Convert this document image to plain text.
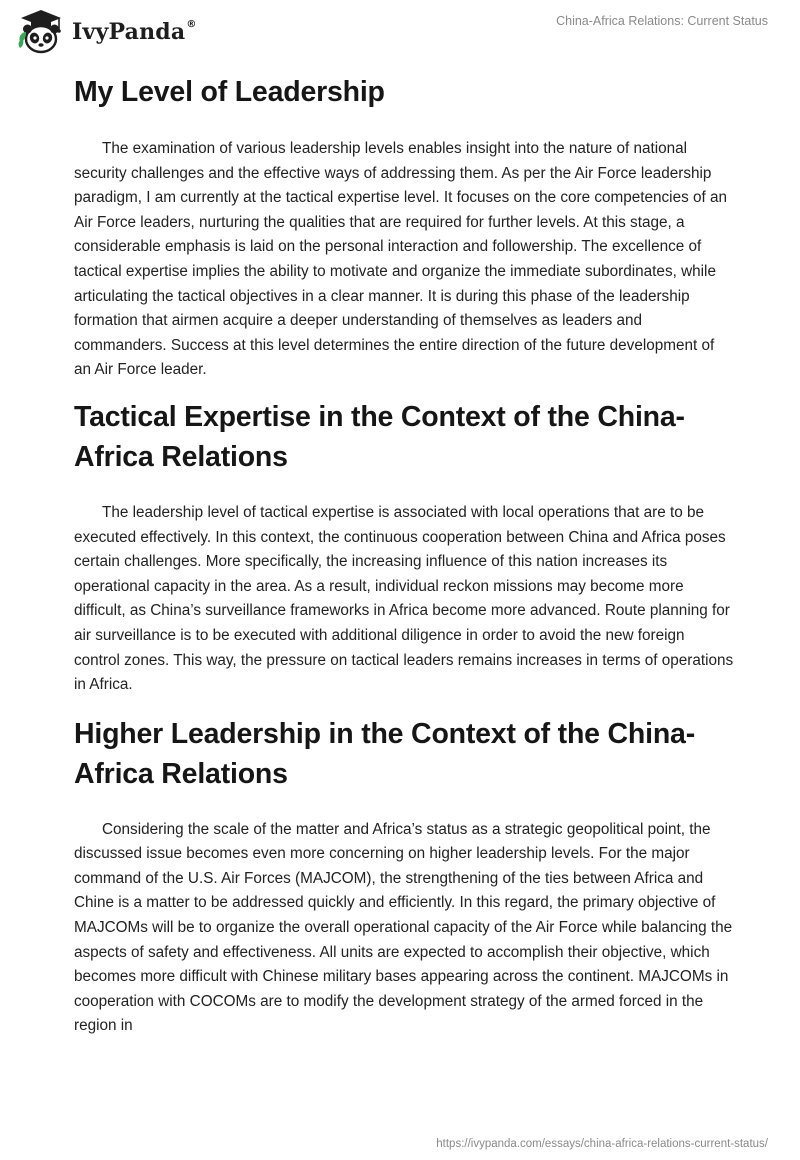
IvyPanda®	China-Africa Relations: Current Status
My Level of Leadership

The examination of various leadership levels enables insight into the nature of national security challenges and the effective ways of addressing them. As per the Air Force leadership paradigm, I am currently at the tactical expertise level. It focuses on the core competencies of an Air Force leaders, nurturing the qualities that are required for further levels. At this stage, a considerable emphasis is laid on the personal interaction and followership. The excellence of tactical expertise implies the ability to motivate and organize the immediate subordinates, while articulating the tactical objectives in a clear manner. It is during this phase of the leadership formation that airmen acquire a deeper understanding of themselves as leaders and commanders. Success at this level determines the entire direction of the future development of an Air Force leader.

Tactical Expertise in the Context of the China-Africa Relations

The leadership level of tactical expertise is associated with local operations that are to be executed effectively. In this context, the continuous cooperation between China and Africa poses certain challenges. More specifically, the increasing influence of this nation increases its operational capacity in the area. As a result, individual reckon missions may become more difficult, as China’s surveillance frameworks in Africa become more advanced. Route planning for air surveillance is to be executed with additional diligence in order to avoid the new foreign control zones. This way, the pressure on tactical leaders remains increases in terms of operations in Africa.

Higher Leadership in the Context of the China-Africa Relations

Considering the scale of the matter and Africa’s status as a strategic geopolitical point, the discussed issue becomes even more concerning on higher leadership levels. For the major command of the U.S. Air Forces (MAJCOM), the strengthening of the ties between Africa and Chine is a matter to be addressed quickly and efficiently. In this regard, the primary objective of MAJCOMs will be to organize the overall operational capacity of the Air Force while balancing the aspects of safety and effectiveness. All units are expected to accomplish their objective, which becomes more difficult with Chinese military bases appearing across the continent. MAJCOMs in cooperation with COCOMs are to modify the development strategy of the armed forced in the region in

https://ivypanda.com/essays/china-africa-relations-current-status/
